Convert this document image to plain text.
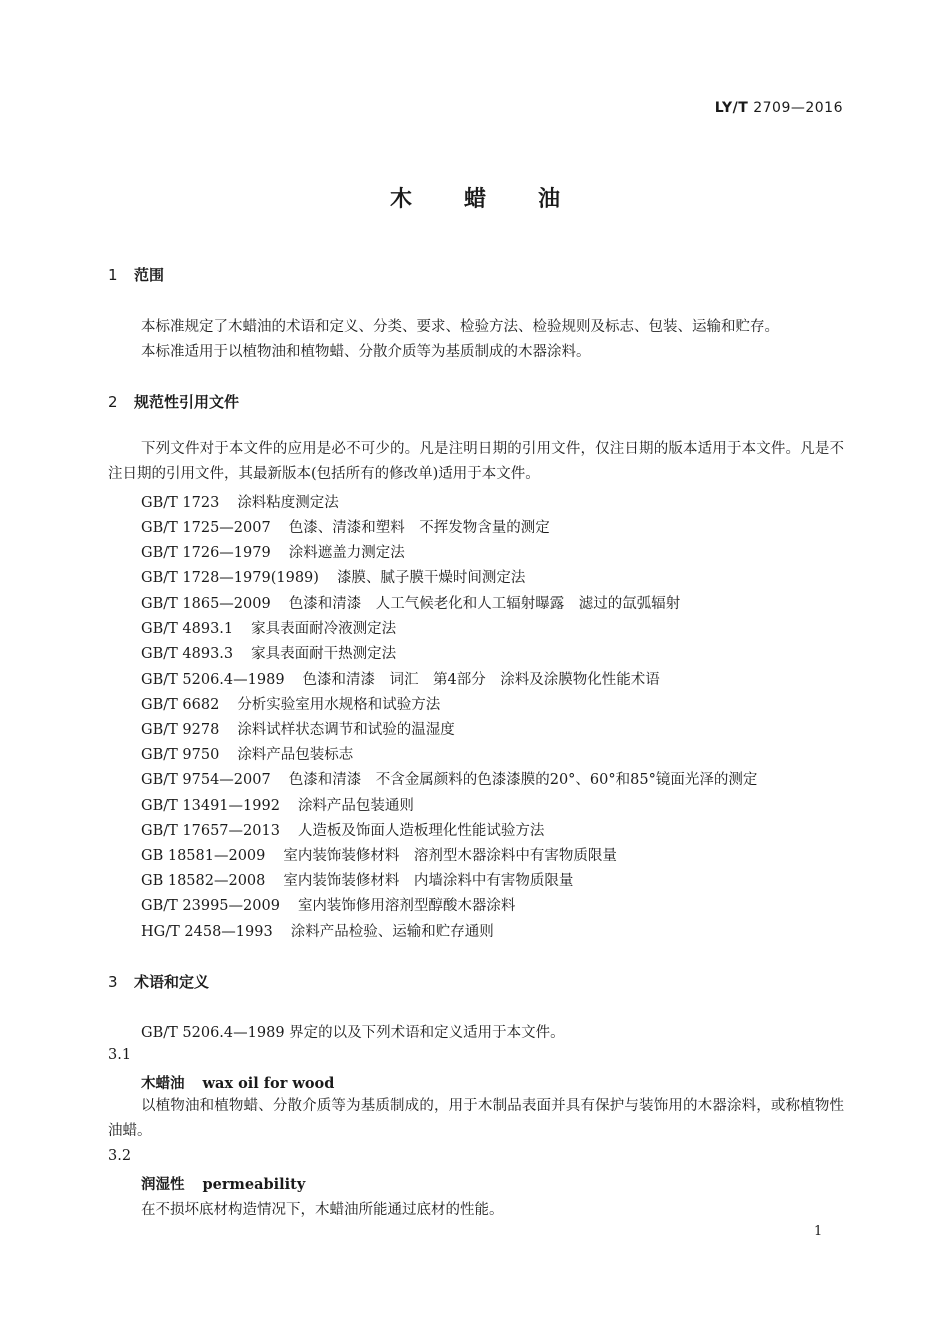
LY/T 2709—2016
木蜡油
1 范围
本标准规定了木蜡油的术语和定义、分类、要求、检验方法、检验规则及标志、包装、运输和贮存。
本标准适用于以植物油和植物蜡、分散介质等为基质制成的木器涂料。
2 规范性引用文件
下列文件对于本文件的应用是必不可少的。凡是注明日期的引用文件，仅注日期的版本适用于本文件。凡是不注日期的引用文件，其最新版本(包括所有的修改单)适用于本文件。
GB/T 1723 涂料粘度测定法
GB/T 1725—2007 色漆、清漆和塑料　不挥发物含量的测定
GB/T 1726—1979 涂料遮盖力测定法
GB/T 1728—1979(1989) 漆膜、腻子膜干燥时间测定法
GB/T 1865—2009 色漆和清漆　人工气候老化和人工辐射曝露　滤过的氙弧辐射
GB/T 4893.1 家具表面耐冷液测定法
GB/T 4893.3 家具表面耐干热测定法
GB/T 5206.4—1989 色漆和清漆　词汇　第4部分　涂料及涂膜物化性能术语
GB/T 6682 分析实验室用水规格和试验方法
GB/T 9278 涂料试样状态调节和试验的温湿度
GB/T 9750 涂料产品包装标志
GB/T 9754—2007 色漆和清漆　不含金属颜料的色漆漆膜的20°、60°和85°镜面光泽的测定
GB/T 13491—1992 涂料产品包装通则
GB/T 17657—2013 人造板及饰面人造板理化性能试验方法
GB 18581—2009 室内装饰装修材料　溶剂型木器涂料中有害物质限量
GB 18582—2008 室内装饰装修材料　内墙涂料中有害物质限量
GB/T 23995—2009 室内装饰修用溶剂型醇酸木器涂料
HG/T 2458—1993 涂料产品检验、运输和贮存通则
3 术语和定义
GB/T 5206.4—1989 界定的以及下列术语和定义适用于本文件。
3.1
木蜡油 wax oil for wood
以植物油和植物蜡、分散介质等为基质制成的，用于木制品表面并具有保护与装饰用的木器涂料，或称植物性油蜡。
3.2
润湿性 permeability
在不损坏底材构造情况下，木蜡油所能通过底材的性能。
1
